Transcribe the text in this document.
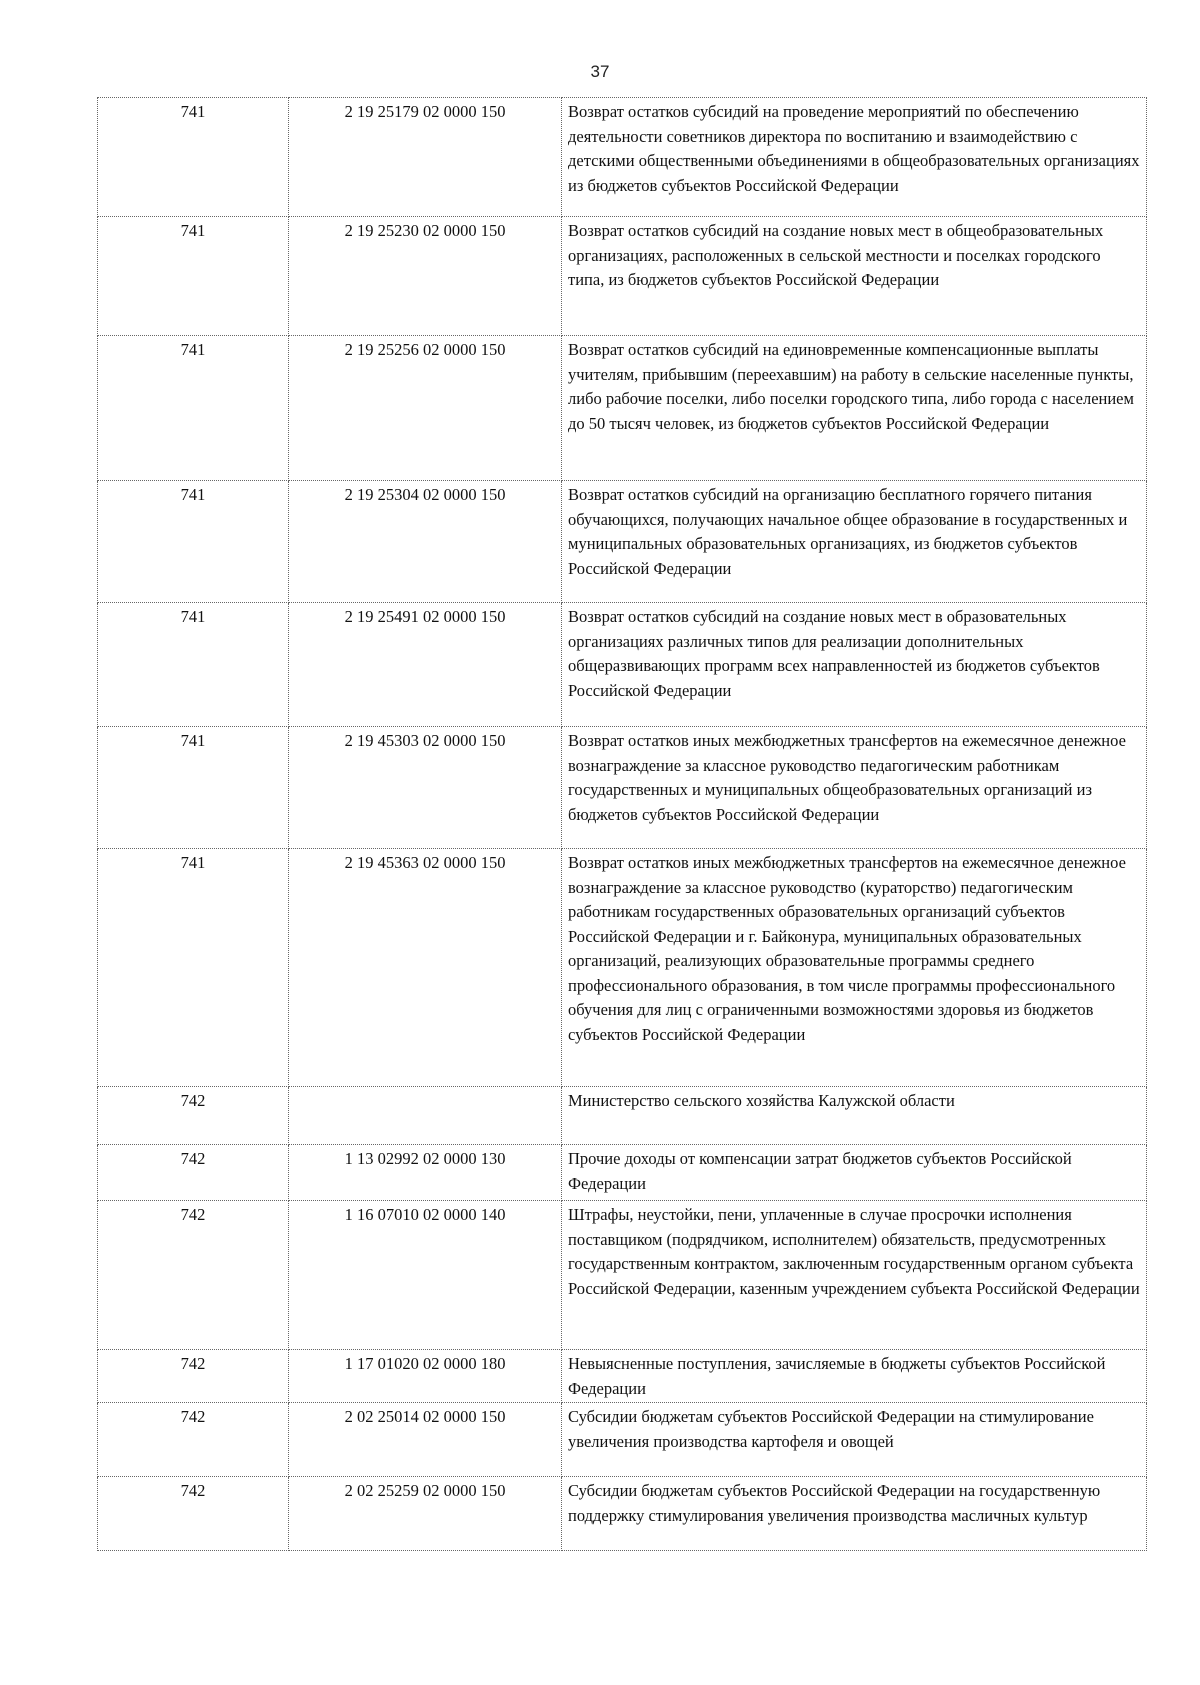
37
741	2 19 25179 02 0000 150	Возврат остатков субсидий на проведение мероприятий по обеспечению деятельности советников директора по воспитанию и взаимодействию с детскими общественными объединениями в общеобразовательных организациях из бюджетов субъектов Российской Федерации
741	2 19 25230 02 0000 150	Возврат остатков субсидий на создание новых мест в общеобразовательных организациях, расположенных в сельской местности и поселках городского типа, из бюджетов субъектов Российской Федерации
741	2 19 25256 02 0000 150	Возврат остатков субсидий на единовременные компенсационные выплаты учителям, прибывшим (переехавшим) на работу в сельские населенные пункты, либо рабочие поселки, либо поселки городского типа, либо города с населением до 50 тысяч человек, из бюджетов субъектов Российской Федерации
741	2 19 25304 02 0000 150	Возврат остатков субсидий на организацию бесплатного горячего питания обучающихся, получающих начальное общее образование в государственных и муниципальных образовательных организациях, из бюджетов субъектов Российской Федерации
741	2 19 25491 02 0000 150	Возврат остатков субсидий на создание новых мест в образовательных организациях различных типов для реализации дополнительных общеразвивающих программ всех направленностей из бюджетов субъектов Российской Федерации
741	2 19 45303 02 0000 150	Возврат остатков иных межбюджетных трансфертов на ежемесячное денежное вознаграждение за классное руководство педагогическим работникам государственных и муниципальных общеобразовательных организаций из бюджетов субъектов Российской Федерации
741	2 19 45363 02 0000 150	Возврат остатков иных межбюджетных трансфертов на ежемесячное денежное вознаграждение за классное руководство (кураторство) педагогическим работникам государственных образовательных организаций субъектов Российской Федерации и г. Байконура, муниципальных образовательных организаций, реализующих образовательные программы среднего профессионального образования, в том числе программы профессионального обучения для лиц с ограниченными возможностями здоровья из бюджетов субъектов Российской Федерации
742		Министерство сельского хозяйства Калужской области
742	1 13 02992 02 0000 130	Прочие доходы от компенсации затрат бюджетов субъектов Российской Федерации
742	1 16 07010 02 0000 140	Штрафы, неустойки, пени, уплаченные в случае просрочки исполнения поставщиком (подрядчиком, исполнителем) обязательств, предусмотренных государственным контрактом, заключенным государственным органом субъекта Российской Федерации, казенным учреждением субъекта Российской Федерации
742	1 17 01020 02 0000 180	Невыясненные поступления, зачисляемые в бюджеты субъектов Российской Федерации
742	2 02 25014 02 0000 150	Субсидии бюджетам субъектов Российской Федерации на стимулирование увеличения производства картофеля и овощей
742	2 02 25259 02 0000 150	Субсидии бюджетам субъектов Российской Федерации на государственную поддержку стимулирования увеличения производства масличных культур
